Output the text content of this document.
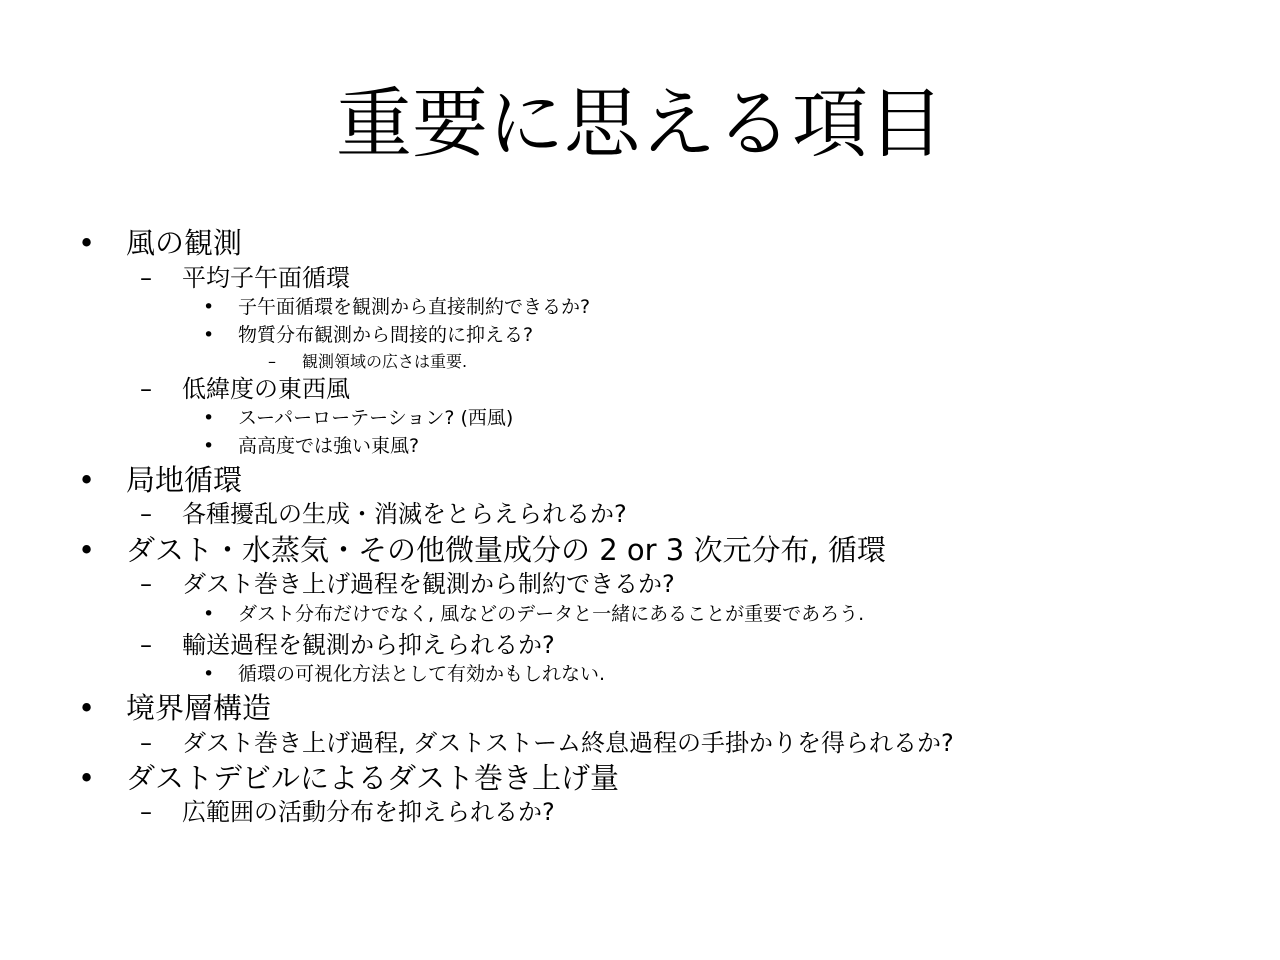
重要に思える項目
• 風の観測
– 平均子午面循環
• 子午面循環を観測から直接制約できるか?
• 物質分布観測から間接的に抑える?
– 観測領域の広さは重要.
– 低緯度の東西風
• スーパーローテーション? (西風)
• 高高度では強い東風?
• 局地循環
– 各種擾乱の生成・消滅をとらえられるか?
• ダスト・水蒸気・その他微量成分の 2 or 3 次元分布, 循環
– ダスト巻き上げ過程を観測から制約できるか?
• ダスト分布だけでなく, 風などのデータと一緒にあることが重要であろう.
– 輸送過程を観測から抑えられるか?
• 循環の可視化方法として有効かもしれない.
• 境界層構造
– ダスト巻き上げ過程, ダストストーム終息過程の手掛かりを得られるか?
• ダストデビルによるダスト巻き上げ量
– 広範囲の活動分布を抑えられるか?
